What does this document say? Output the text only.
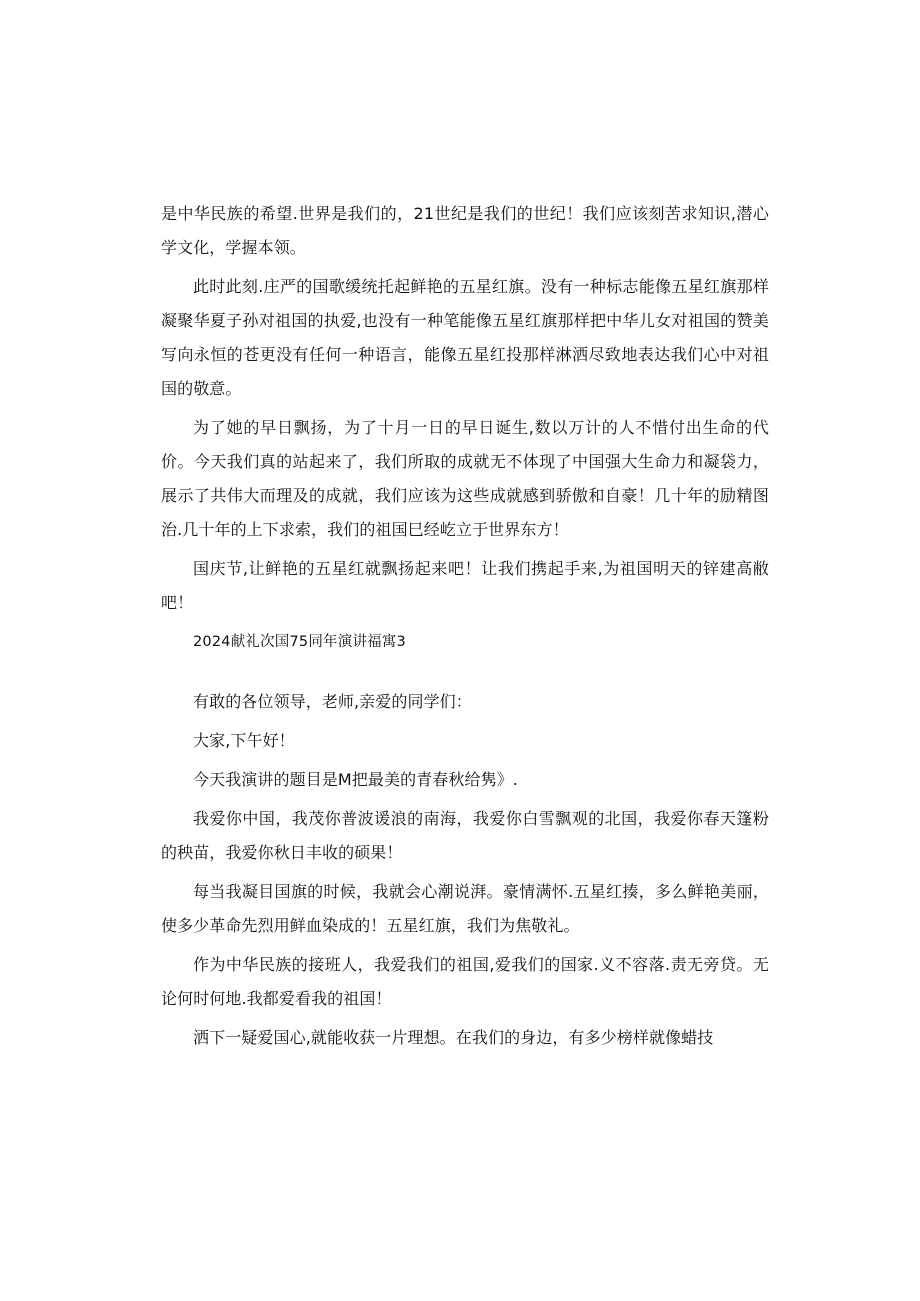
是中华民族的希望.世界是我们的，21世纪是我们的世纪！我们应该刻苦求知识,潜心学文化，学握本领。

此时此刻.庄严的国歌缓统托起鲜艳的五星红旗。没有一种标志能像五星红旗那样凝聚华夏子孙对祖国的执爱,也没有一种笔能像五星红旗那样把中华儿女对祖国的赞美写向永恒的苍更没有任何一种语言，能像五星红投那样淋洒尽致地表达我们心中对祖国的敬意。

为了她的早日飘扬，为了十月一日的早日诞生,数以万计的人不惜付出生命的代价。今天我们真的站起来了，我们所取的成就无不体现了中国强大生命力和凝袋力，展示了共伟大而理及的成就，我们应该为这些成就感到骄傲和自豪！几十年的励精图治.几十年的上下求索，我们的祖国巳经屹立于世界东方！

国庆节,让鲜艳的五星红就飘扬起来吧！让我们携起手来,为祖国明天的锌建高敝吧！

2024献礼次国75同年演讲福寓3

有敢的各位领导，老师,亲爱的同学们：

大家,下午好！

今天我演讲的题目是M把最美的青春秋给隽》.

我爱你中国，我茂你普波谖浪的南海，我爱你白雪飘观的北国，我爱你春天篷粉的秧苗，我爱你秋日丰收的硕果！

每当我凝目国旗的时候，我就会心潮说湃。豪情满怀.五星红揍，多么鲜艳美丽，使多少革命先烈用鲜血染成的！五星红旗，我们为焦敬礼。

作为中华民族的接班人，我爱我们的祖国,爱我们的国家.义不容落.责无旁贷。无论何时何地.我都爱看我的祖国！

洒下一疑爱国心,就能收获一片理想。在我们的身边，有多少榜样就像蜡技
